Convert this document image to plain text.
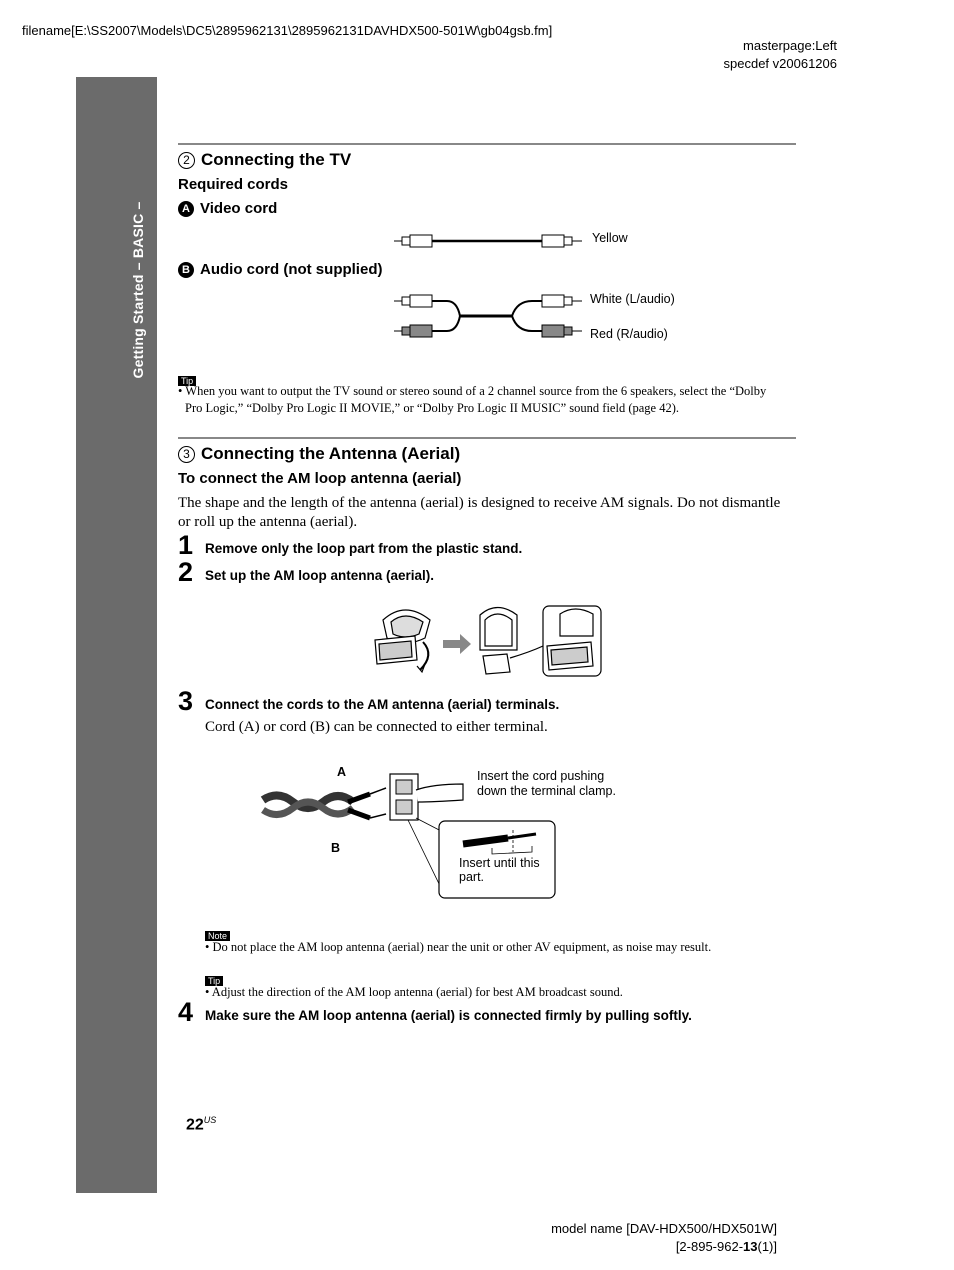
filename[E:\SS2007\Models\DC5\2895962131\2895962131DAVHDX500-501W\gb04gsb.fm]
masterpage:Left
specdef v20061206
Getting Started – BASIC –
2 Connecting the TV
Required cords
A Video cord
Yellow
B Audio cord (not supplied)
White (L/audio)
Red (R/audio)
Tip
• When you want to output the TV sound or stereo sound of a 2 channel source from the 6 speakers, select the “Dolby
Pro Logic,” “Dolby Pro Logic II MOVIE,” or “Dolby Pro Logic II MUSIC” sound field (page 42).
3 Connecting the Antenna (Aerial)
To connect the AM loop antenna (aerial)
The shape and the length of the antenna (aerial) is designed to receive AM signals. Do not dismantle
or roll up the antenna (aerial).
1 Remove only the loop part from the plastic stand.
2 Set up the AM loop antenna (aerial).
3 Connect the cords to the AM antenna (aerial) terminals.
Cord (A) or cord (B) can be connected to either terminal.
A
B
Insert the cord pushing
down the terminal clamp.
Insert until this
part.
Note
• Do not place the AM loop antenna (aerial) near the unit or other AV equipment, as noise may result.
Tip
• Adjust the direction of the AM loop antenna (aerial) for best AM broadcast sound.
4 Make sure the AM loop antenna (aerial) is connected firmly by pulling softly.
$22^{US}$
model name [DAV-HDX500/HDX501W]
[2-895-962-13(1)]
